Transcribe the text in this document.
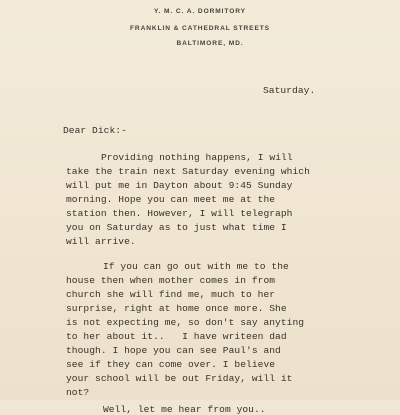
Y. M. C. A. DORMITORY
FRANKLIN & CATHEDRAL STREETS
BALTIMORE, MD.
Saturday.
Dear Dick:-
Providing nothing happens, I will
take the train next Saturday evening which
will put me in Dayton about 9:45 Sunday
morning. Hope you can meet me at the
station then. However, I will telegraph
you on Saturday as to just what time I
will arrive.
If you can go out with me to the
house then when mother comes in from
church she will find me, much to her
surprise, right at home once more. She
is not expecting me, so don't say anyting
to her about it..   I have writeen dad
though. I hope you can see Paul's and
see if they can come over. I believe
your school will be out Friday, will it
not?
Well, let me hear from you..
